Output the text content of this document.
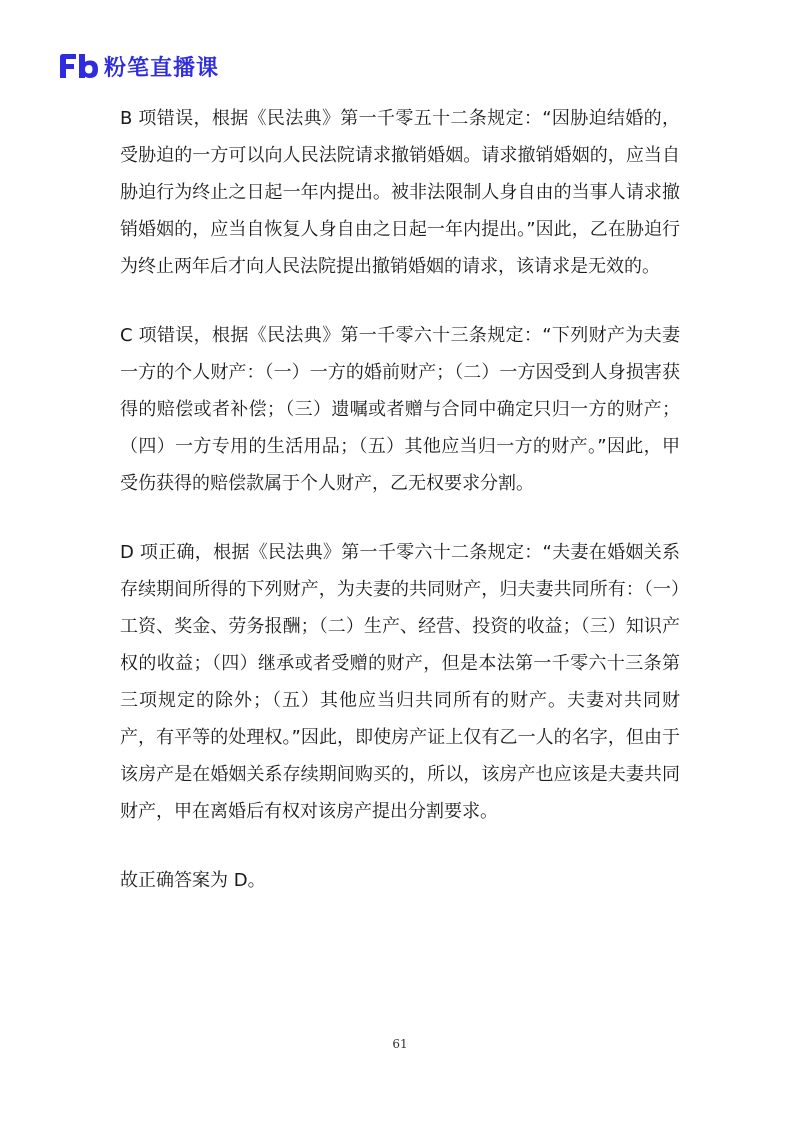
粉笔直播课

B 项错误，根据《民法典》第一千零五十二条规定：“因胁迫结婚的，受胁迫的一方可以向人民法院请求撤销婚姻。请求撤销婚姻的，应当自胁迫行为终止之日起一年内提出。被非法限制人身自由的当事人请求撤销婚姻的，应当自恢复人身自由之日起一年内提出。”因此，乙在胁迫行为终止两年后才向人民法院提出撤销婚姻的请求，该请求是无效的。

C 项错误，根据《民法典》第一千零六十三条规定：“下列财产为夫妻一方的个人财产：（一）一方的婚前财产；（二）一方因受到人身损害获得的赔偿或者补偿；（三）遗嘱或者赠与合同中确定只归一方的财产；（四）一方专用的生活用品；（五）其他应当归一方的财产。”因此，甲受伤获得的赔偿款属于个人财产，乙无权要求分割。

D 项正确，根据《民法典》第一千零六十二条规定：“夫妻在婚姻关系存续期间所得的下列财产，为夫妻的共同财产，归夫妻共同所有：（一）工资、奖金、劳务报酬；（二）生产、经营、投资的收益；（三）知识产权的收益；（四）继承或者受赠的财产，但是本法第一千零六十三条第三项规定的除外；（五）其他应当归共同所有的财产。夫妻对共同财产，有平等的处理权。”因此，即使房产证上仅有乙一人的名字，但由于该房产是在婚姻关系存续期间购买的，所以，该房产也应该是夫妻共同财产，甲在离婚后有权对该房产提出分割要求。

故正确答案为 D。

61
